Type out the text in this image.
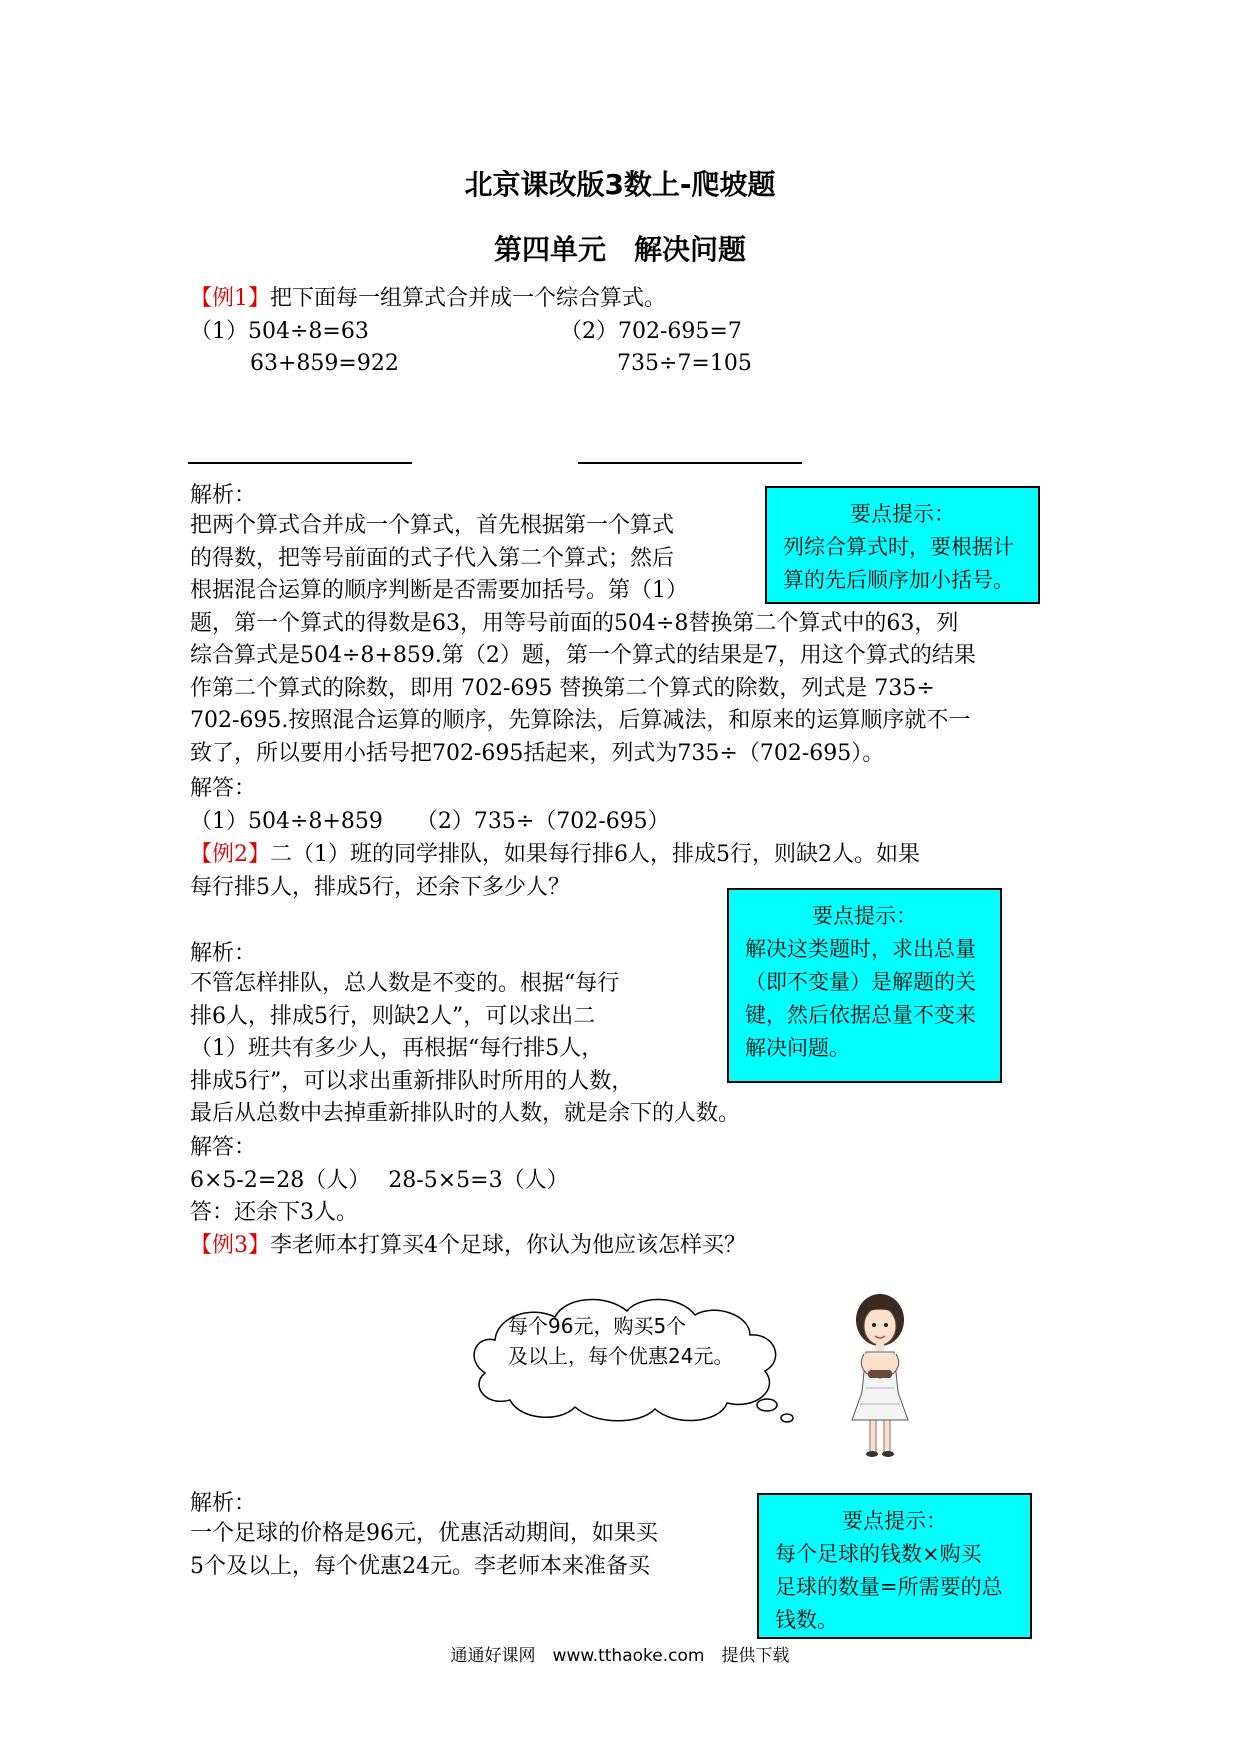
北京课改版3数上-爬坡题
第四单元　解决问题
【例1】把下面每一组算式合并成一个综合算式。
（1）504÷8=63
63+859=922
（2）702-695=7
735÷7=105
解析：
把两个算式合并成一个算式，首先根据第一个算式
的得数，把等号前面的式子代入第二个算式；然后
根据混合运算的顺序判断是否需要加括号。第（1）
题，第一个算式的得数是63，用等号前面的504÷8替换第二个算式中的63，列
综合算式是504÷8+859.第（2）题，第一个算式的结果是7，用这个算式的结果
作第二个算式的除数，即用 702-695 替换第二个算式的除数，列式是 735÷
702-695.按照混合运算的顺序，先算除法，后算减法，和原来的运算顺序就不一
致了，所以要用小括号把702-695括起来，列式为735÷（702-695）。
要点提示：
列综合算式时，要根据计
算的先后顺序加小括号。
解答：
（1）504÷8+859　　（2）735÷（702-695）
【例2】二（1）班的同学排队，如果每行排6人，排成5行，则缺2人。如果
每行排5人，排成5行，还余下多少人？
解析：
不管怎样排队，总人数是不变的。根据“每行
排6人，排成5行，则缺2人”，可以求出二
（1）班共有多少人，再根据“每行排5人，
排成5行”，可以求出重新排队时所用的人数，
最后从总数中去掉重新排队时的人数，就是余下的人数。
要点提示：
解决这类题时，求出总量
（即不变量）是解题的关
键，然后依据总量不变来
解决问题。
解答：
6×5-2=28（人）　 28-5×5=3（人）
答：还余下3人。
【例3】李老师本打算买4个足球，你认为他应该怎样买？
每个96元，购买5个
及以上，每个优惠24元。
解析：
一个足球的价格是96元，优惠活动期间，如果买
5个及以上，每个优惠24元。李老师本来准备买
要点提示：
每个足球的钱数×购买
足球的数量=所需要的总
钱数。
通通好课网　www.tthaoke.com　提供下载
